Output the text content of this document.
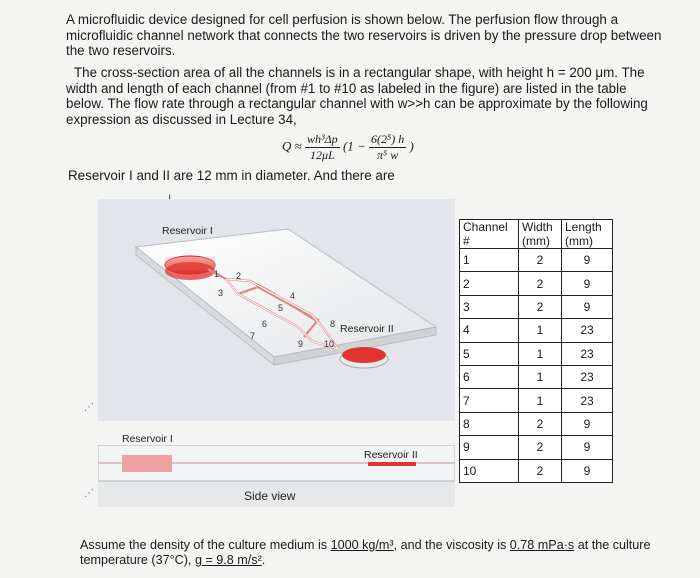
A microfluidic device designed for cell perfusion is shown below. The perfusion flow through a microfluidic channel network that connects the two reservoirs is driven by the pressure drop between the two reservoirs.
The cross-section area of all the channels is in a rectangular shape, with height h = 200 μm. The width and length of each channel (from #1 to #10 as labeled in the figure) are listed in the table below. The flow rate through a rectangular channel with w>>h can be approximate by the following expression as discussed in Lecture 34,
$Q \approx \frac{\text{wh³Δp}}{12\mu L} (1 - \frac{\text{6(2⁵) h}}{\text{π⁵ w}}$ )
Reservoir I and II are 12 mm in diameter. And there are
1 2
3	4
5
6
7
8
9 10
Reservoir I
Reservoir II
⋰
Reservoir I
Reservoir II
Side view
⋰
Channel #	Width (mm)	Length (mm)
1	2	9
2	2	9
3	2	9
4	1	23
5	1	23
6	1	23
7	1	23
8	2	9
9	2	9
10	2	9
Assume the density of the culture medium is 1000 kg/m³, and the viscosity is 0.78 mPa·s at the culture temperature (37°C), g = 9.8 m/s².
